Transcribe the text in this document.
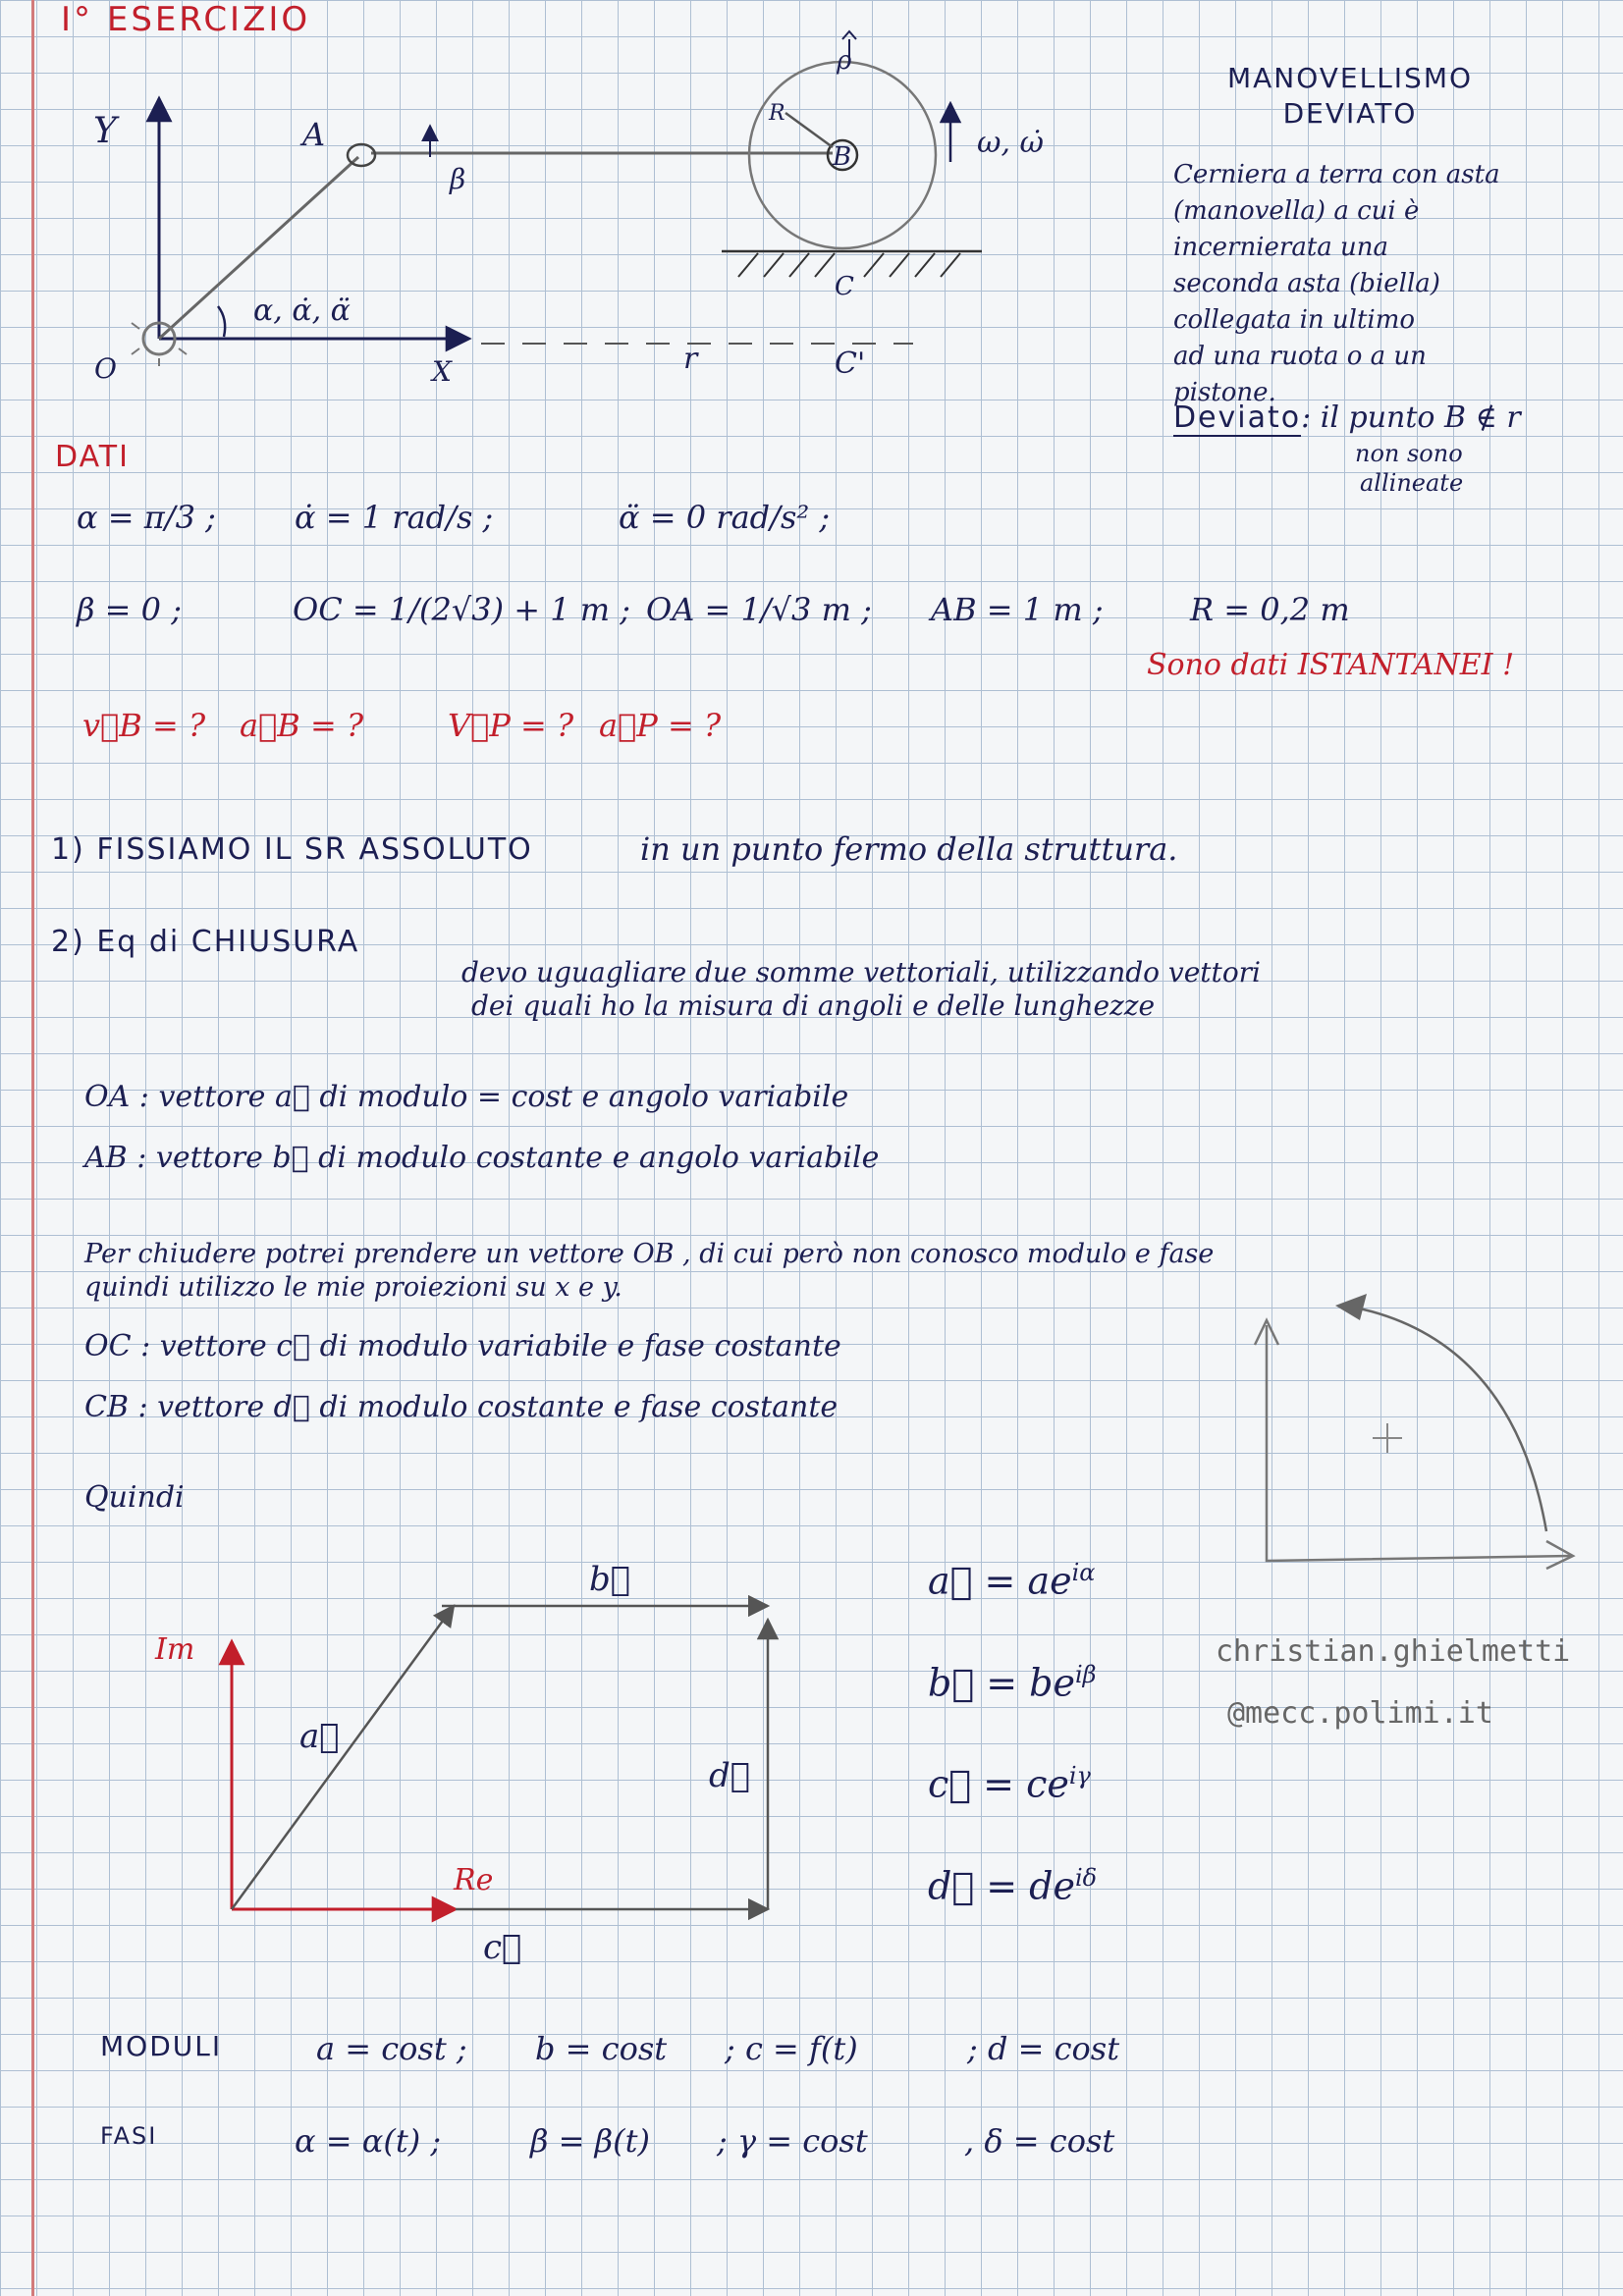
I° ESERCIZIO
Y	A
β
R
B
ρ
ω, ω̇
C
α, α̇, α̈
O	X	r	C'
MANOVELLISMO DEVIATO
Cerniera a terra con asta
(manovella) a cui è
incernierata una
seconda asta (biella)
collegata in ultimo
ad una ruota o a un
pistone.
Deviato: il punto B ∉ r
non sono
allineate
DATI
α = π/3 ;	α̇ = 1 rad/s ;	α̈ = 0 rad/s² ;
β = 0 ;	OC = 1/(2√3) + 1 m ; OA = 1/√3 m ; AB = 1 m ;	R = 0,2 m
Sono dati ISTANTANEI !
v⃗B = ? a⃗B = ?	V⃗P = ? a⃗P = ?
1) FISSIAMO IL SR ASSOLUTO	in un punto fermo della struttura.
2) Eq di CHIUSURA
devo uguagliare due somme vettoriali, utilizzando vettori
dei quali ho la misura di angoli e delle lunghezze
OA : vettore a⃗ di modulo = cost e angolo variabile
AB : vettore b⃗ di modulo costante e angolo variabile
Per chiudere potrei prendere un vettore OB , di cui però non conosco modulo e fase
quindi utilizzo le mie proiezioni su x e y.
OC : vettore c⃗ di modulo variabile e fase costante
CB : vettore d⃗ di modulo costante e fase costante
Quindi
Im
Re
a⃗
b⃗
c⃗
d⃗
a⃗ = $ae^{i\alpha}$
b⃗ = $be^{i\beta}$
c⃗ = $ce^{i\gamma}$
d⃗ = $de^{i\delta}$
christian.ghielmetti
@mecc.polimi.it
MODULI	a = cost ; b = cost ; c = f(t)	; d = cost
FASI	α = α(t) ;	β = β(t) ; γ = cost	, δ = cost
